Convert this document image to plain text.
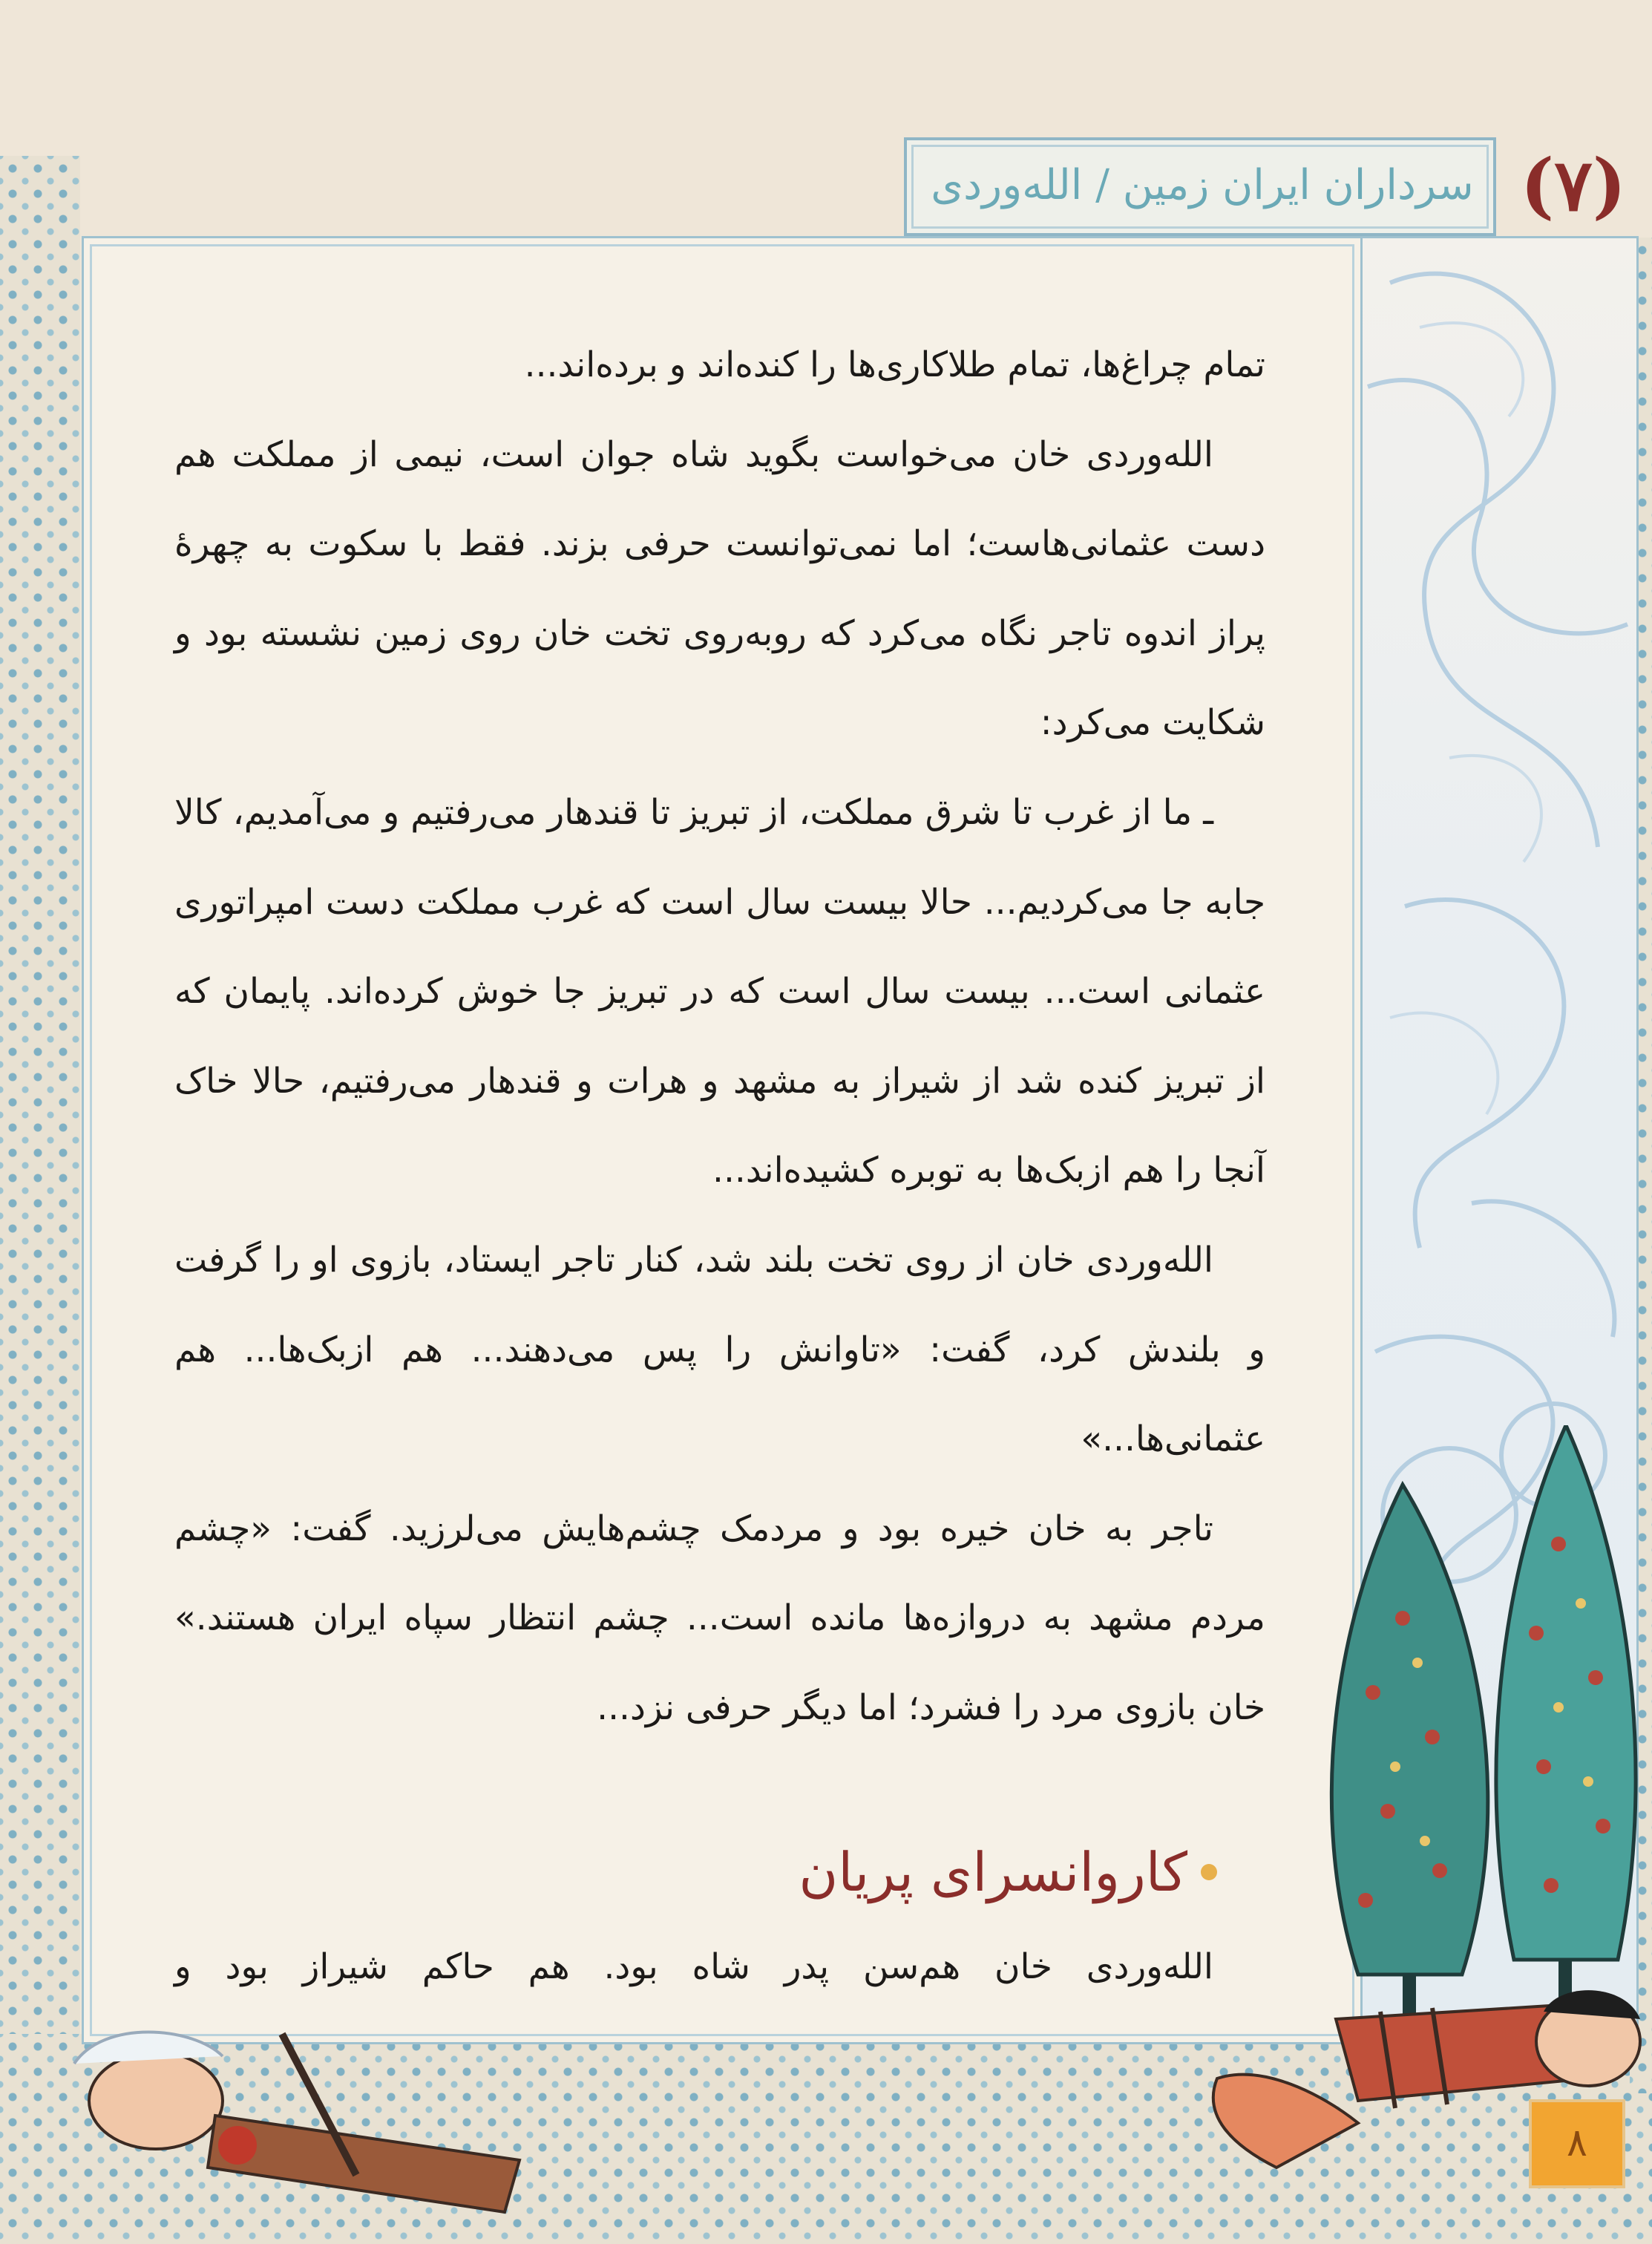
سرداران ایران زمین / الله‌وردی	(۷)

تمام چراغ‌ها، تمام طلاکاری‌ها را کنده‌اند و برده‌اند...

الله‌وردی خان می‌خواست بگوید شاه جوان است، نیمی از مملکت هم دست عثمانی‌هاست؛ اما نمی‌توانست حرفی بزند. فقط با سکوت به چهرهٔ پراز اندوه تاجر نگاه می‌کرد که روبه‌روی تخت خان روی زمین نشسته بود و شکایت می‌کرد:

ـ ما از غرب تا شرق مملکت، از تبریز تا قندهار می‌رفتیم و می‌آمدیم، کالا جابه جا می‌کردیم... حالا بیست سال است که غرب مملکت دست امپراتوری عثمانی است... بیست سال است که در تبریز جا خوش کرده‌اند. پایمان که از تبریز کنده شد از شیراز به مشهد و هرات و قندهار می‌رفتیم، حالا خاک آنجا را هم ازبک‌ها به توبره کشیده‌اند...

الله‌وردی خان از روی تخت بلند شد، کنار تاجر ایستاد، بازوی او را گرفت و بلندش کرد، گفت: «تاوانش را پس می‌دهند... هم ازبک‌ها... هم عثمانی‌ها...»

تاجر به خان خیره بود و مردمک چشم‌هایش می‌لرزید. گفت: «چشم مردم مشهد به دروازه‌ها مانده است... چشم انتظار سپاه ایران هستند.» خان بازوی مرد را فشرد؛ اما دیگر حرفی نزد...

کاروانسرای پریان
الله‌وردی خان هم‌سن پدر شاه بود. هم حاکم شیراز بود و
۸
